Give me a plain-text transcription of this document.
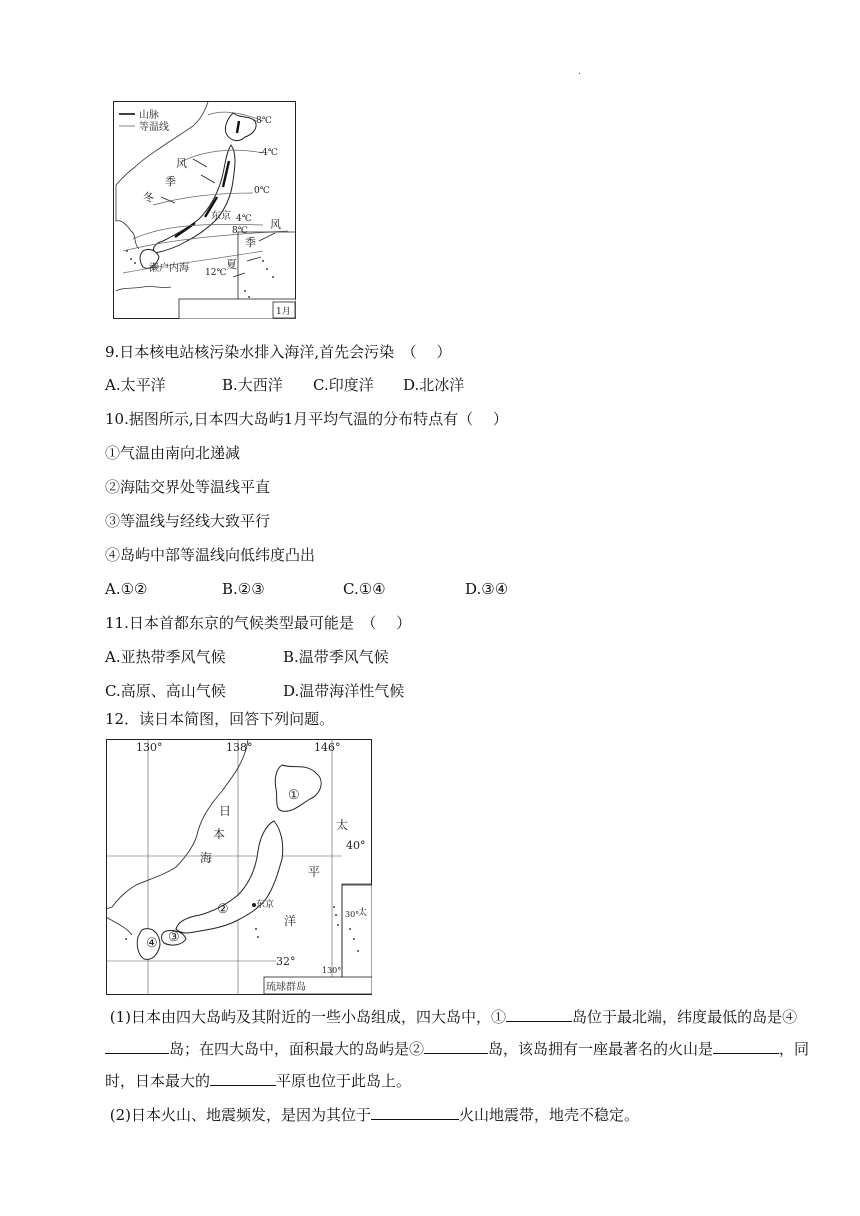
.
山脉
等温线
-8℃
-4℃
0℃
4℃
8℃
12℃
东京
濑户内海
风
季
冬
风
季
夏
1月
9.日本核电站核污染水排入海洋,首先会污染　（　 ）
A.太平洋	B.大西洋 C.印度洋 D.北冰洋
10.据图所示,日本四大岛屿1月平均气温的分布特点有（　 ）
①气温由南向北递减
②海陆交界处等温线平直
③等温线与经线大致平行
④岛屿中部等温线向低纬度凸出
A.①②	B.②③	C.①④	D.③④
11.日本首都东京的气候类型最可能是　（　 ）
A.亚热带季风气候	B.温带季风气候
C.高原、高山气候	D.温带海洋性气候
12．读日本简图，回答下列问题。
①
②
③
④
东京
130°	138°	146°
40°
32°
日
本
海
太
平
洋	30°
太
130°
琉球群岛
(1)日本由四大岛屿及其附近的一些小岛组成，四大岛中，①	岛位于最北端，纬度最低的岛是④岛；在四大岛中，面积最大的岛屿是②	岛，该岛拥有一座最著名的火山是	，同时，日本最大的	平原也位于此岛上。
(2)日本火山、地震频发，是因为其位于	火山地震带，地壳不稳定。
